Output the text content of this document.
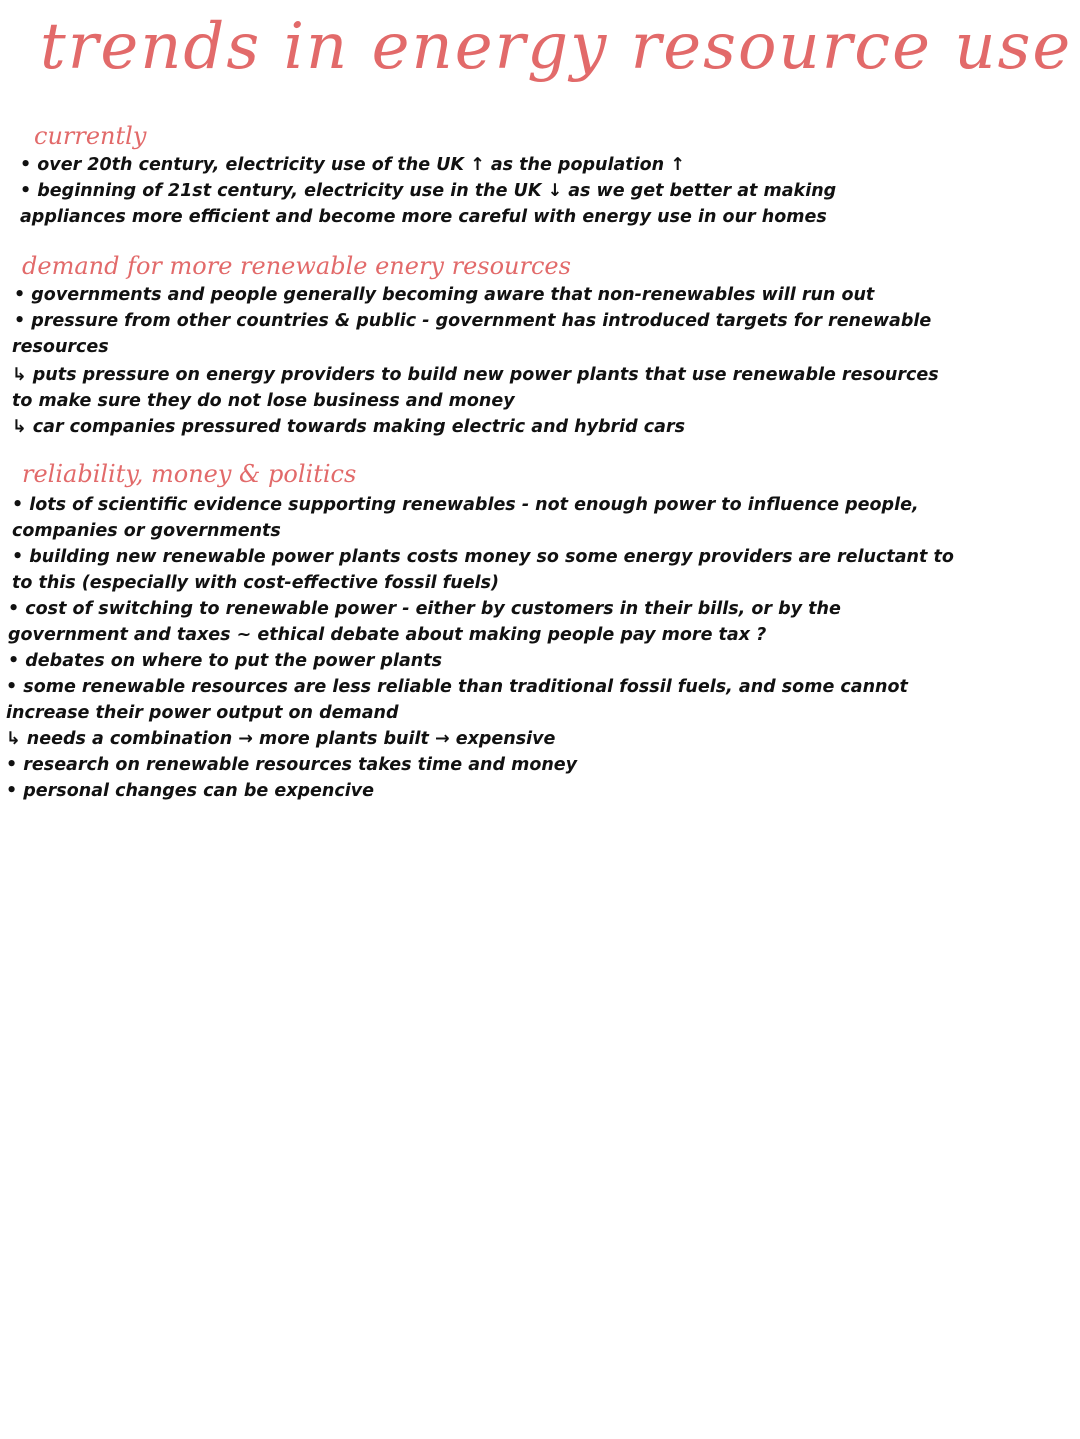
trends in energy resource use
currently
• over 20th century, electricity use of the UK ↑ as the population ↑
• beginning of 21st century, electricity use in the UK ↓ as we get better at making
appliances more efficient and become more careful with energy use in our homes
demand for more renewable enery resources
• governments and people generally becoming aware that non-renewables will run out
• pressure from other countries & public - government has introduced targets for renewable
resources
↳ puts pressure on energy providers to build new power plants that use renewable resources
to make sure they do not lose business and money
↳ car companies pressured towards making electric and hybrid cars
reliability, money & politics
• lots of scientific evidence supporting renewables - not enough power to influence people,
companies or governments
• building new renewable power plants costs money so some energy providers are reluctant to
to this (especially with cost-effective fossil fuels)
• cost of switching to renewable power - either by customers in their bills, or by the
government and taxes ~ ethical debate about making people pay more tax ?
• debates on where to put the power plants
• some renewable resources are less reliable than traditional fossil fuels, and some cannot
increase their power output on demand
↳ needs a combination → more plants built → expensive
• research on renewable resources takes time and money
• personal changes can be expencive
